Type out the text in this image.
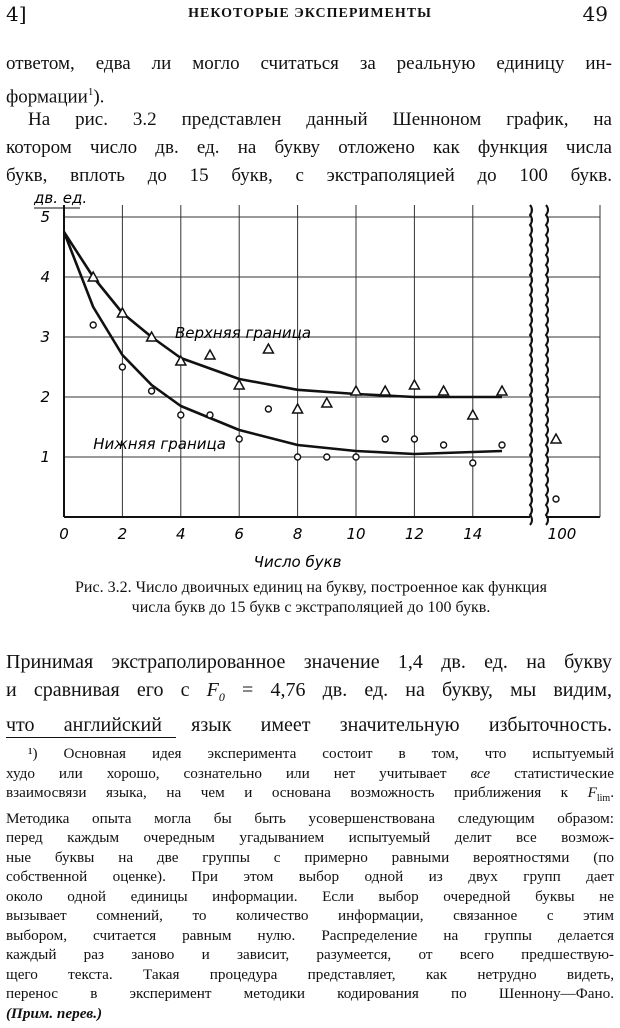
4]	НЕКОТОРЫЕ ЭКСПЕРИМЕНТЫ	49
ответом, едва ли могло считаться за реальную единицу ин-
формации$^1$).
На рис. 3.2 представлен данный Шенноном график, на
котором число дв. ед. на букву отложено как функция числа
букв, вплоть до 15 букв, с экстраполяцией до 100 букв.
0	2	4	6	8	10	12	14	100
1
2
3
4
5
дв. ед.
Число букв
Верхняя граница
Нижняя граница
Рис. 3.2. Число двоичных единиц на букву, построенное как функция
числа букв до 15 букв с экстраполяцией до 100 букв.
Принимая экстраполированное значение 1,4 дв. ед. на букву
и сравнивая его с $F_0 = 4,76$ дв. ед. на букву, мы видим,
что английский язык имеет значительную избыточность.
¹) Основная идея эксперимента состоит в том, что испытуемый
худо или хорошо, сознательно или нет учитывает все статистические
взаимосвязи языка, на чем и основана возможность приближения к $F_{lim}$.
Методика опыта могла бы быть усовершенствована следующим образом:
перед каждым очередным угадыванием испытуемый делит все возмож-
ные буквы на две группы с примерно равными вероятностями (по
собственной оценке). При этом выбор одной из двух групп дает
около одной единицы информации. Если выбор очередной буквы не
вызывает сомнений, то количество информации, связанное с этим
выбором, считается равным нулю. Распределение на группы делается
каждый раз заново и зависит, разумеется, от всего предшествую-
щего текста. Такая процедура представляет, как нетрудно видеть,
перенос в эксперимент методики кодирования по Шеннону—Фано.
(Прим. перев.)
